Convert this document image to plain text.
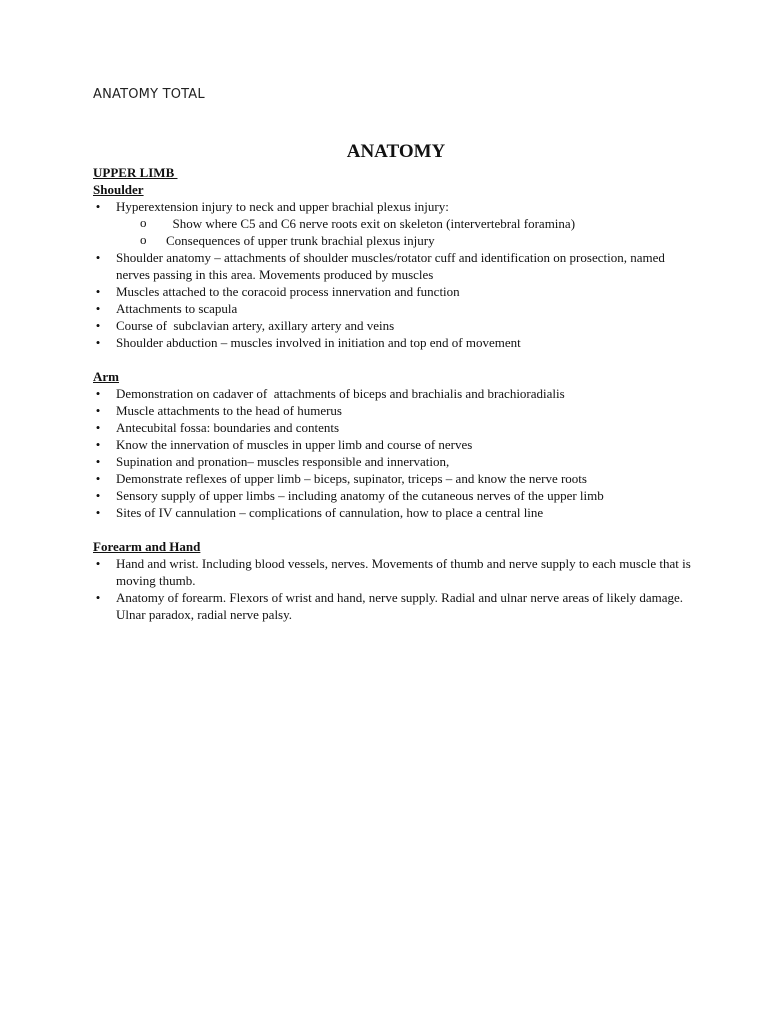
ANATOMY TOTAL
ANATOMY
UPPER LIMB
Shoulder
• Hyperextension injury to neck and upper brachial plexus injury:
o Show where C5 and C6 nerve roots exit on skeleton (intervertebral foramina)
o Consequences of upper trunk brachial plexus injury
• Shoulder anatomy – attachments of shoulder muscles/rotator cuff and identification on prosection, named nerves passing in this area. Movements produced by muscles
• Muscles attached to the coracoid process innervation and function
• Attachments to scapula
• Course of  subclavian artery, axillary artery and veins
• Shoulder abduction – muscles involved in initiation and top end of movement
Arm
• Demonstration on cadaver of  attachments of biceps and brachialis and brachioradialis
• Muscle attachments to the head of humerus
• Antecubital fossa: boundaries and contents
• Know the innervation of muscles in upper limb and course of nerves
• Supination and pronation– muscles responsible and innervation,
• Demonstrate reflexes of upper limb – biceps, supinator, triceps – and know the nerve roots
• Sensory supply of upper limbs – including anatomy of the cutaneous nerves of the upper limb
• Sites of IV cannulation – complications of cannulation, how to place a central line
Forearm and Hand
• Hand and wrist. Including blood vessels, nerves. Movements of thumb and nerve supply to each muscle that is moving thumb.
• Anatomy of forearm. Flexors of wrist and hand, nerve supply. Radial and ulnar nerve areas of likely damage. Ulnar paradox, radial nerve palsy.
